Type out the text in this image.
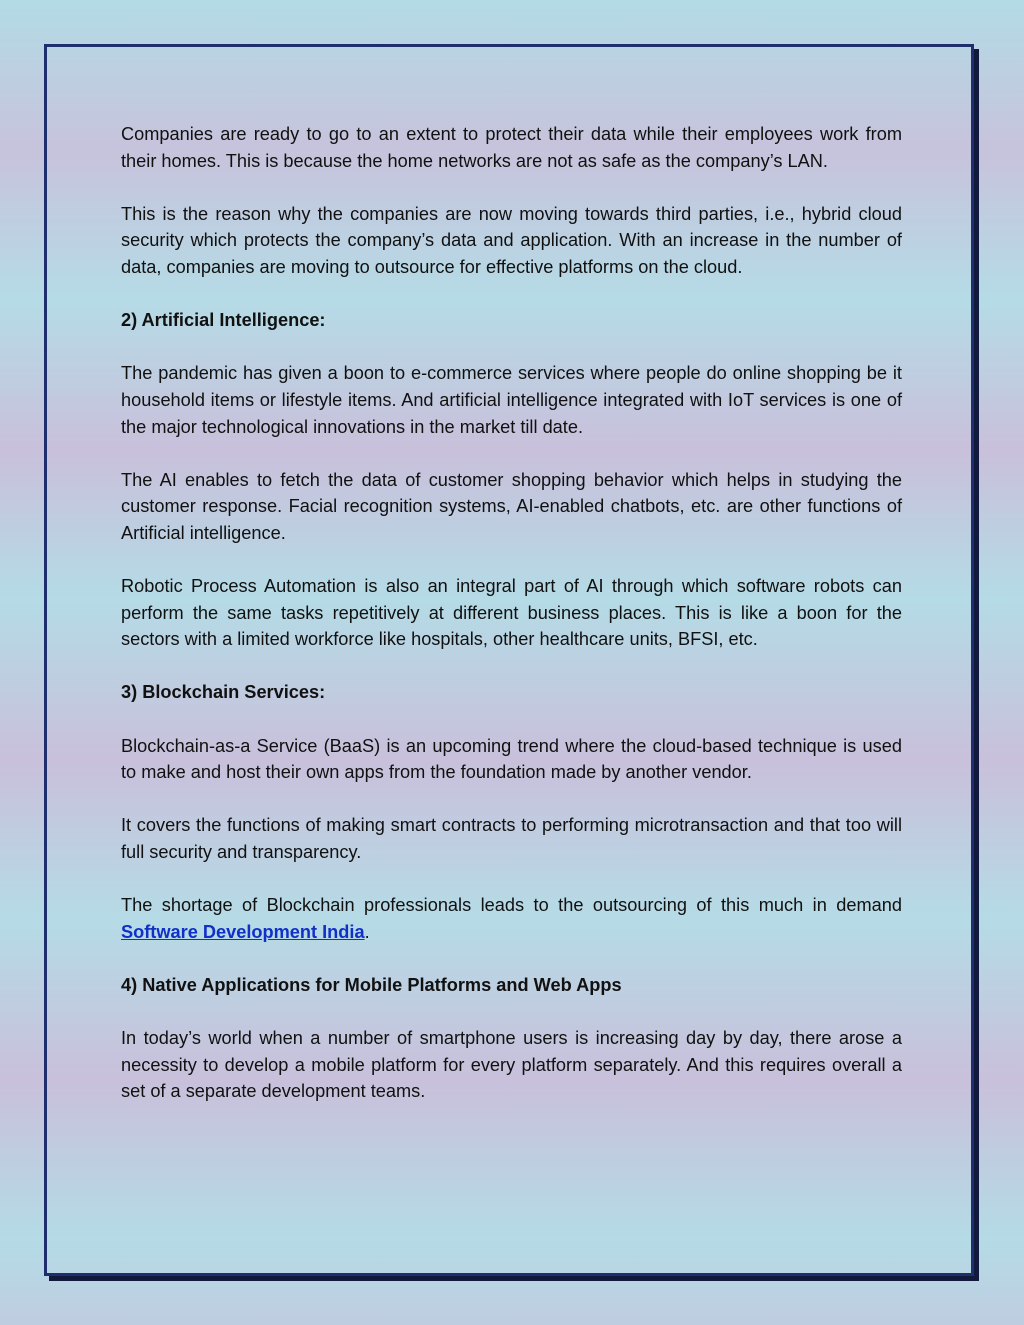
Companies are ready to go to an extent to protect their data while their employees work from their homes. This is because the home networks are not as safe as the company’s LAN.

This is the reason why the companies are now moving towards third parties, i.e., hybrid cloud security which protects the company’s data and application. With an increase in the number of data, companies are moving to outsource for effective platforms on the cloud.

2) Artificial Intelligence:

The pandemic has given a boon to e-commerce services where people do online shopping be it household items or lifestyle items. And artificial intelligence integrated with IoT services is one of the major technological innovations in the market till date.

The AI enables to fetch the data of customer shopping behavior which helps in studying the customer response. Facial recognition systems, AI-enabled chatbots, etc. are other functions of Artificial intelligence.

Robotic Process Automation is also an integral part of AI through which software robots can perform the same tasks repetitively at different business places. This is like a boon for the sectors with a limited workforce like hospitals, other healthcare units, BFSI, etc.

3) Blockchain Services:

Blockchain-as-a Service (BaaS) is an upcoming trend where the cloud-based technique is used to make and host their own apps from the foundation made by another vendor.

It covers the functions of making smart contracts to performing microtransaction and that too will full security and transparency.

The shortage of Blockchain professionals leads to the outsourcing of this much in demand Software Development India.

4) Native Applications for Mobile Platforms and Web Apps

In today’s world when a number of smartphone users is increasing day by day, there arose a necessity to develop a mobile platform for every platform separately. And this requires overall a set of a separate development teams.
